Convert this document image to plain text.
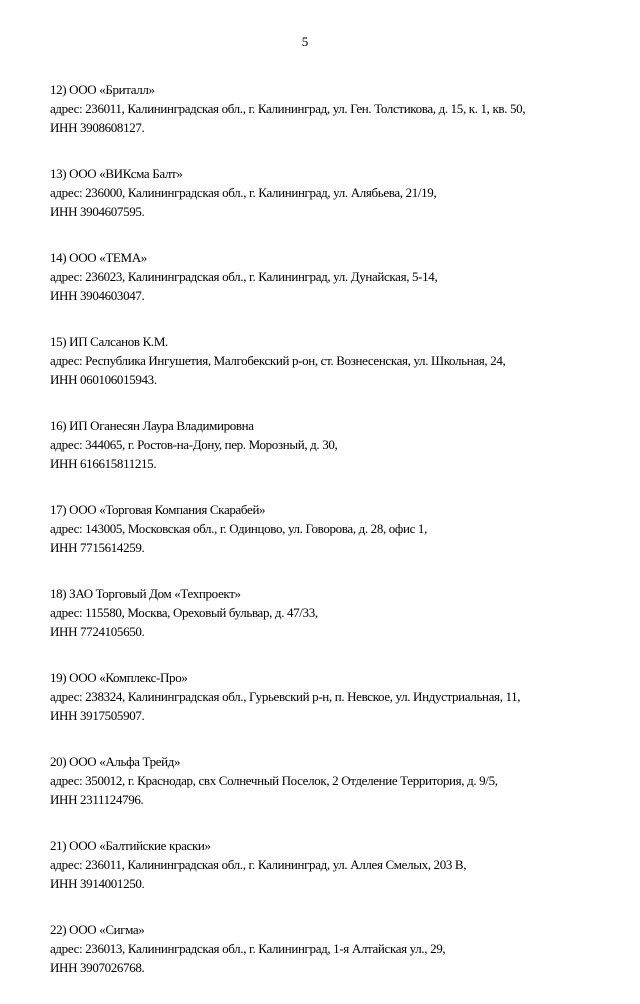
5
12) ООО «Бриталл»
адрес: 236011, Калининградская обл., г. Калининград, ул. Ген. Толстикова, д. 15, к. 1, кв. 50,
ИНН 3908608127.
13) ООО «ВИКсма Балт»
адрес: 236000, Калининградская обл., г. Калининград, ул. Алябьева, 21/19,
ИНН 3904607595.
14) ООО «ТЕМА»
адрес: 236023, Калининградская обл., г. Калининград, ул. Дунайская, 5-14,
ИНН 3904603047.
15) ИП Салсанов К.М.
адрес: Республика Ингушетия, Малгобекский р-он, ст. Вознесенская, ул. Школьная, 24,
ИНН 060106015943.
16) ИП Оганесян Лаура Владимировна
адрес: 344065, г. Ростов-на-Дону, пер. Морозный, д. 30,
ИНН 616615811215.
17) ООО «Торговая Компания Скарабей»
адрес: 143005, Московская обл., г. Одинцово, ул. Говорова, д. 28, офис 1,
ИНН 7715614259.
18) ЗАО Торговый Дом «Техпроект»
адрес: 115580, Москва, Ореховый бульвар, д. 47/33,
ИНН 7724105650.
19) ООО «Комплекс-Про»
адрес: 238324, Калининградская обл., Гурьевский р-н, п. Невское, ул. Индустриальная, 11,
ИНН 3917505907.
20) ООО «Альфа Трейд»
адрес: 350012, г. Краснодар, свх Солнечный Поселок, 2 Отделение Территория, д. 9/5,
ИНН 2311124796.
21) ООО «Балтийские краски»
адрес: 236011, Калининградская обл., г. Калининград, ул. Аллея Смелых, 203 В,
ИНН 3914001250.
22) ООО «Сигма»
адрес: 236013, Калининградская обл., г. Калининград, 1-я Алтайская ул., 29,
ИНН 3907026768.
